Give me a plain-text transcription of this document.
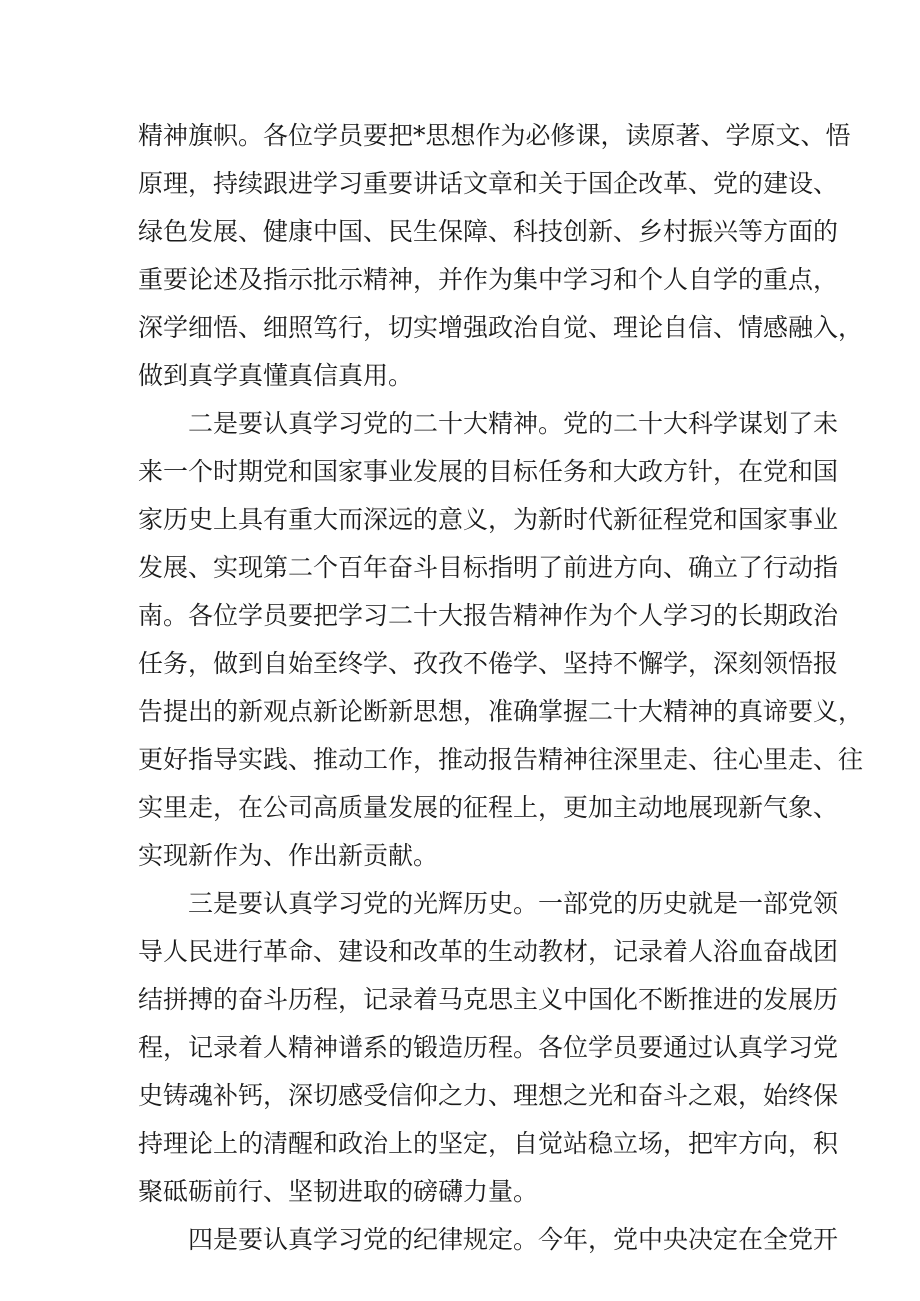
精神旗帜。各位学员要把*思想作为必修课，读原著、学原文、悟
原理，持续跟进学习重要讲话文章和关于国企改革、党的建设、
绿色发展、健康中国、民生保障、科技创新、乡村振兴等方面的
重要论述及指示批示精神，并作为集中学习和个人自学的重点，
深学细悟、细照笃行，切实增强政治自觉、理论自信、情感融入，
做到真学真懂真信真用。
二是要认真学习党的二十大精神。党的二十大科学谋划了未
来一个时期党和国家事业发展的目标任务和大政方针，在党和国
家历史上具有重大而深远的意义，为新时代新征程党和国家事业
发展、实现第二个百年奋斗目标指明了前进方向、确立了行动指
南。各位学员要把学习二十大报告精神作为个人学习的长期政治
任务，做到自始至终学、孜孜不倦学、坚持不懈学，深刻领悟报
告提出的新观点新论断新思想，准确掌握二十大精神的真谛要义，
更好指导实践、推动工作，推动报告精神往深里走、往心里走、往
实里走，在公司高质量发展的征程上，更加主动地展现新气象、
实现新作为、作出新贡献。
三是要认真学习党的光辉历史。一部党的历史就是一部党领
导人民进行革命、建设和改革的生动教材，记录着人浴血奋战团
结拼搏的奋斗历程，记录着马克思主义中国化不断推进的发展历
程，记录着人精神谱系的锻造历程。各位学员要通过认真学习党
史铸魂补钙，深切感受信仰之力、理想之光和奋斗之艰，始终保
持理论上的清醒和政治上的坚定，自觉站稳立场，把牢方向，积
聚砥砺前行、坚韧进取的磅礴力量。
四是要认真学习党的纪律规定。今年，党中央决定在全党开
